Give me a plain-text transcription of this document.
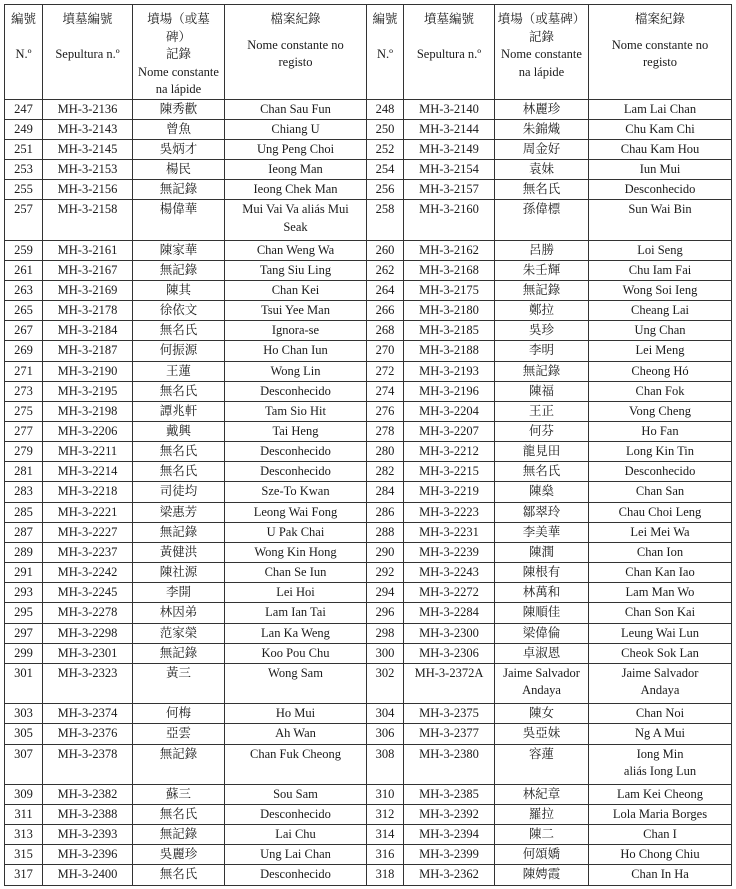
編號
N.º	墳墓編號
Sepultura n.º	墳場（或墓碑）
記錄
Nome constante
na lápide	檔案紀錄
Nome constante no
registo	編號
N.º	墳墓編號
Sepultura n.º	墳場（或墓碑）
記錄
Nome constante
na lápide	檔案紀錄
Nome constante no
registo

247	MH-3-2136	陳秀歡	Chan Sau Fun	248	MH-3-2140	林麗珍	Lam Lai Chan
249	MH-3-2143	曾魚	Chiang U	250	MH-3-2144	朱錦熾	Chu Kam Chi
251	MH-3-2145	吳炳才	Ung Peng Choi	252	MH-3-2149	周金好	Chau Kam Hou
253	MH-3-2153	楊民	Ieong Man	254	MH-3-2154	袁妹	Iun Mui
255	MH-3-2156	無記錄	Ieong Chek Man	256	MH-3-2157	無名氏	Desconhecido
257	MH-3-2158	楊偉華	Mui Vai Va aliás Mui
Seak	258	MH-3-2160	孫偉標	Sun Wai Bin
259	MH-3-2161	陳家華	Chan Weng Wa	260	MH-3-2162	呂勝	Loi Seng
261	MH-3-2167	無記錄	Tang Siu Ling	262	MH-3-2168	朱壬輝	Chu Iam Fai
263	MH-3-2169	陳其	Chan Kei	264	MH-3-2175	無記錄	Wong Soi Ieng
265	MH-3-2178	徐依文	Tsui Yee Man	266	MH-3-2180	鄭拉	Cheang Lai
267	MH-3-2184	無名氏	Ignora-se	268	MH-3-2185	吳珍	Ung Chan
269	MH-3-2187	何振源	Ho Chan Iun	270	MH-3-2188	李明	Lei Meng
271	MH-3-2190	王蓮	Wong Lin	272	MH-3-2193	無記錄	Cheong Hó
273	MH-3-2195	無名氏	Desconhecido	274	MH-3-2196	陳福	Chan Fok
275	MH-3-2198	譚兆軒	Tam Sio Hit	276	MH-3-2204	王正	Vong Cheng
277	MH-3-2206	戴興	Tai Heng	278	MH-3-2207	何芬	Ho Fan
279	MH-3-2211	無名氏	Desconhecido	280	MH-3-2212	龍見田	Long Kin Tin
281	MH-3-2214	無名氏	Desconhecido	282	MH-3-2215	無名氏	Desconhecido
283	MH-3-2218	司徒均	Sze-To Kwan	284	MH-3-2219	陳燊	Chan San
285	MH-3-2221	梁惠芳	Leong Wai Fong	286	MH-3-2223	鄒翠玲	Chau Choi Leng
287	MH-3-2227	無記錄	U Pak Chai	288	MH-3-2231	李美華	Lei Mei Wa
289	MH-3-2237	黃健洪	Wong Kin Hong	290	MH-3-2239	陳潤	Chan Ion
291	MH-3-2242	陳社源	Chan Se Iun	292	MH-3-2243	陳根有	Chan Kan Iao
293	MH-3-2245	李開	Lei Hoi	294	MH-3-2272	林萬和	Lam Man Wo
295	MH-3-2278	林因弟	Lam Ian Tai	296	MH-3-2284	陳順佳	Chan Son Kai
297	MH-3-2298	范家榮	Lan Ka Weng	298	MH-3-2300	梁偉倫	Leung Wai Lun
299	MH-3-2301	無記錄	Koo Pou Chu	300	MH-3-2306	卓淑恩	Cheok Sok Lan
301	MH-3-2323	黃三	Wong Sam	302	MH-3-2372A	Jaime Salvador
Andaya	Jaime Salvador
Andaya
303	MH-3-2374	何梅	Ho Mui	304	MH-3-2375	陳女	Chan Noi
305	MH-3-2376	亞雲	Ah Wan	306	MH-3-2377	吳亞妹	Ng A Mui
307	MH-3-2378	無記錄	Chan Fuk Cheong	308	MH-3-2380	容蓮	Iong Min
aliás Iong Lun
309	MH-3-2382	蘇三	Sou Sam	310	MH-3-2385	林紀章	Lam Kei Cheong
311	MH-3-2388	無名氏	Desconhecido	312	MH-3-2392	羅拉	Lola Maria Borges
313	MH-3-2393	無記錄	Lai Chu	314	MH-3-2394	陳二	Chan I
315	MH-3-2396	吳麗珍	Ung Lai Chan	316	MH-3-2399	何頌嬌	Ho Chong Chiu
317	MH-3-2400	無名氏	Desconhecido	318	MH-3-2362	陳娉霞	Chan In Ha
